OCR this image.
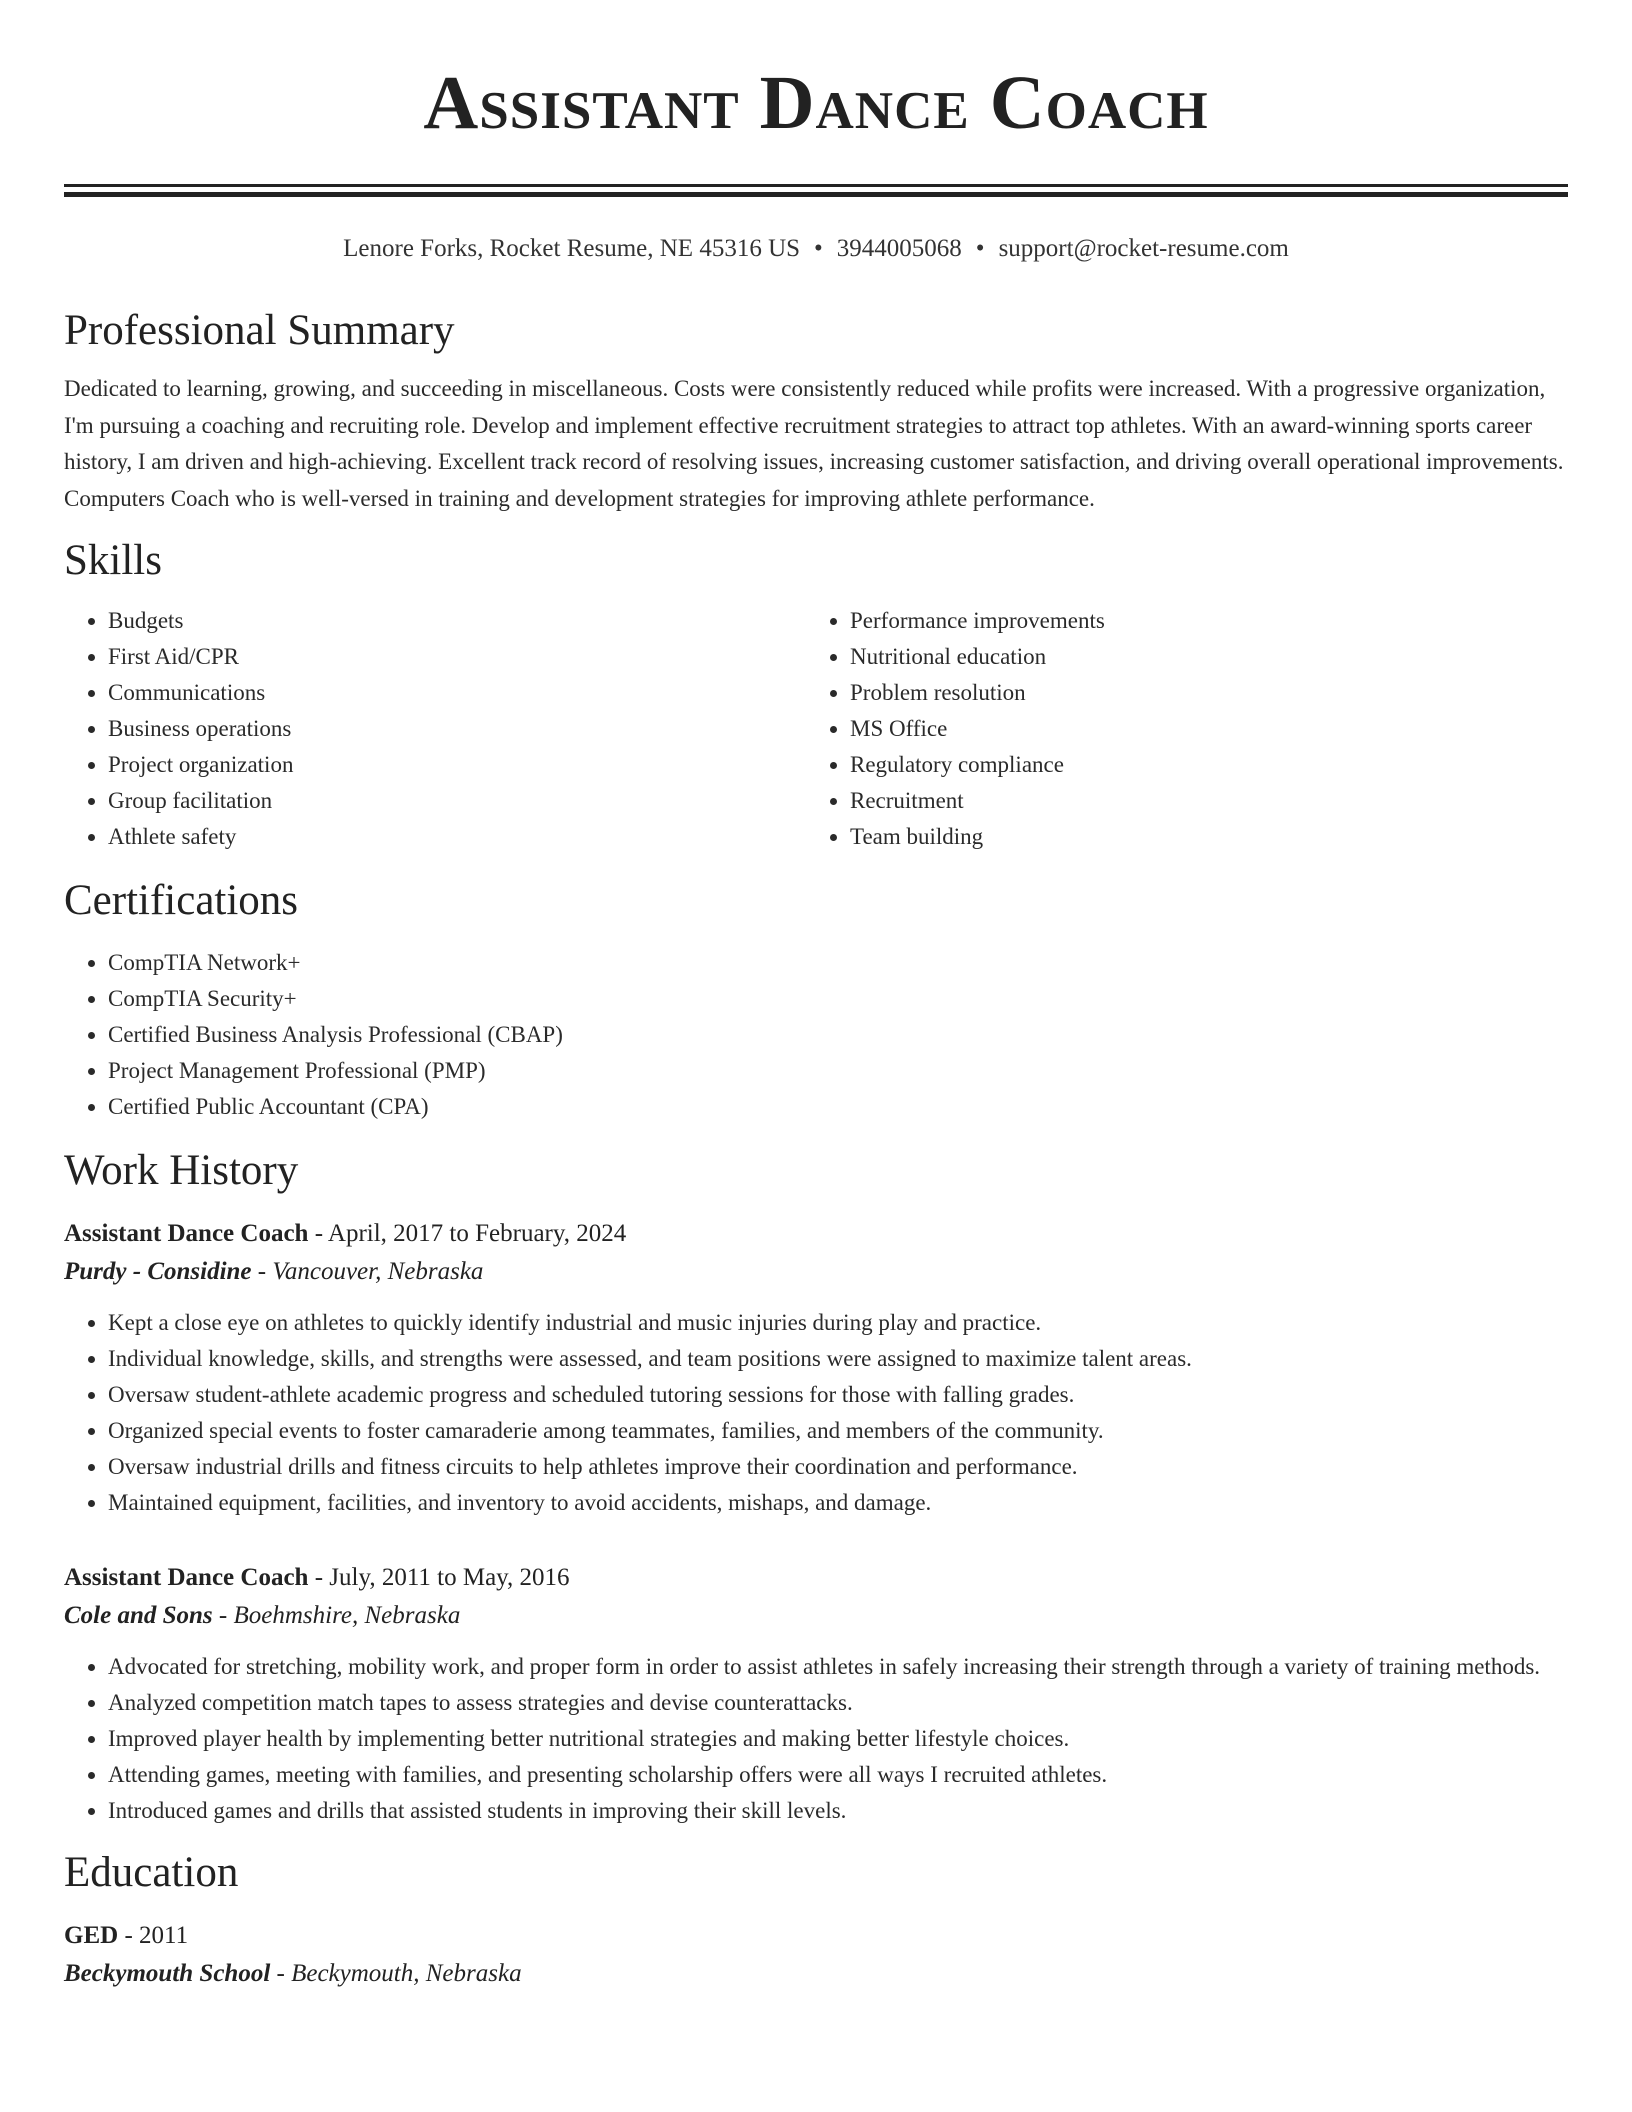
Assistant Dance Coach
Lenore Forks, Rocket Resume, NE 45316 US • 3944005068 • support@rocket-resume.com
Professional Summary
Dedicated to learning, growing, and succeeding in miscellaneous. Costs were consistently reduced while profits were increased. With a progressive organization, I'm pursuing a coaching and recruiting role. Develop and implement effective recruitment strategies to attract top athletes. With an award-winning sports career history, I am driven and high-achieving. Excellent track record of resolving issues, increasing customer satisfaction, and driving overall operational improvements. Computers Coach who is well-versed in training and development strategies for improving athlete performance.
Skills
• Budgets
• First Aid/CPR
• Communications
• Business operations
• Project organization
• Group facilitation
• Athlete safety
• Performance improvements
• Nutritional education
• Problem resolution
• MS Office
• Regulatory compliance
• Recruitment
• Team building
Certifications
• CompTIA Network+
• CompTIA Security+
• Certified Business Analysis Professional (CBAP)
• Project Management Professional (PMP)
• Certified Public Accountant (CPA)
Work History
Assistant Dance Coach - April, 2017 to February, 2024
Purdy - Considine - Vancouver, Nebraska
• Kept a close eye on athletes to quickly identify industrial and music injuries during play and practice.
• Individual knowledge, skills, and strengths were assessed, and team positions were assigned to maximize talent areas.
• Oversaw student-athlete academic progress and scheduled tutoring sessions for those with falling grades.
• Organized special events to foster camaraderie among teammates, families, and members of the community.
• Oversaw industrial drills and fitness circuits to help athletes improve their coordination and performance.
• Maintained equipment, facilities, and inventory to avoid accidents, mishaps, and damage.
Assistant Dance Coach - July, 2011 to May, 2016
Cole and Sons - Boehmshire, Nebraska
• Advocated for stretching, mobility work, and proper form in order to assist athletes in safely increasing their strength through a variety of training methods.
• Analyzed competition match tapes to assess strategies and devise counterattacks.
• Improved player health by implementing better nutritional strategies and making better lifestyle choices.
• Attending games, meeting with families, and presenting scholarship offers were all ways I recruited athletes.
• Introduced games and drills that assisted students in improving their skill levels.
Education
GED - 2011
Beckymouth School - Beckymouth, Nebraska
